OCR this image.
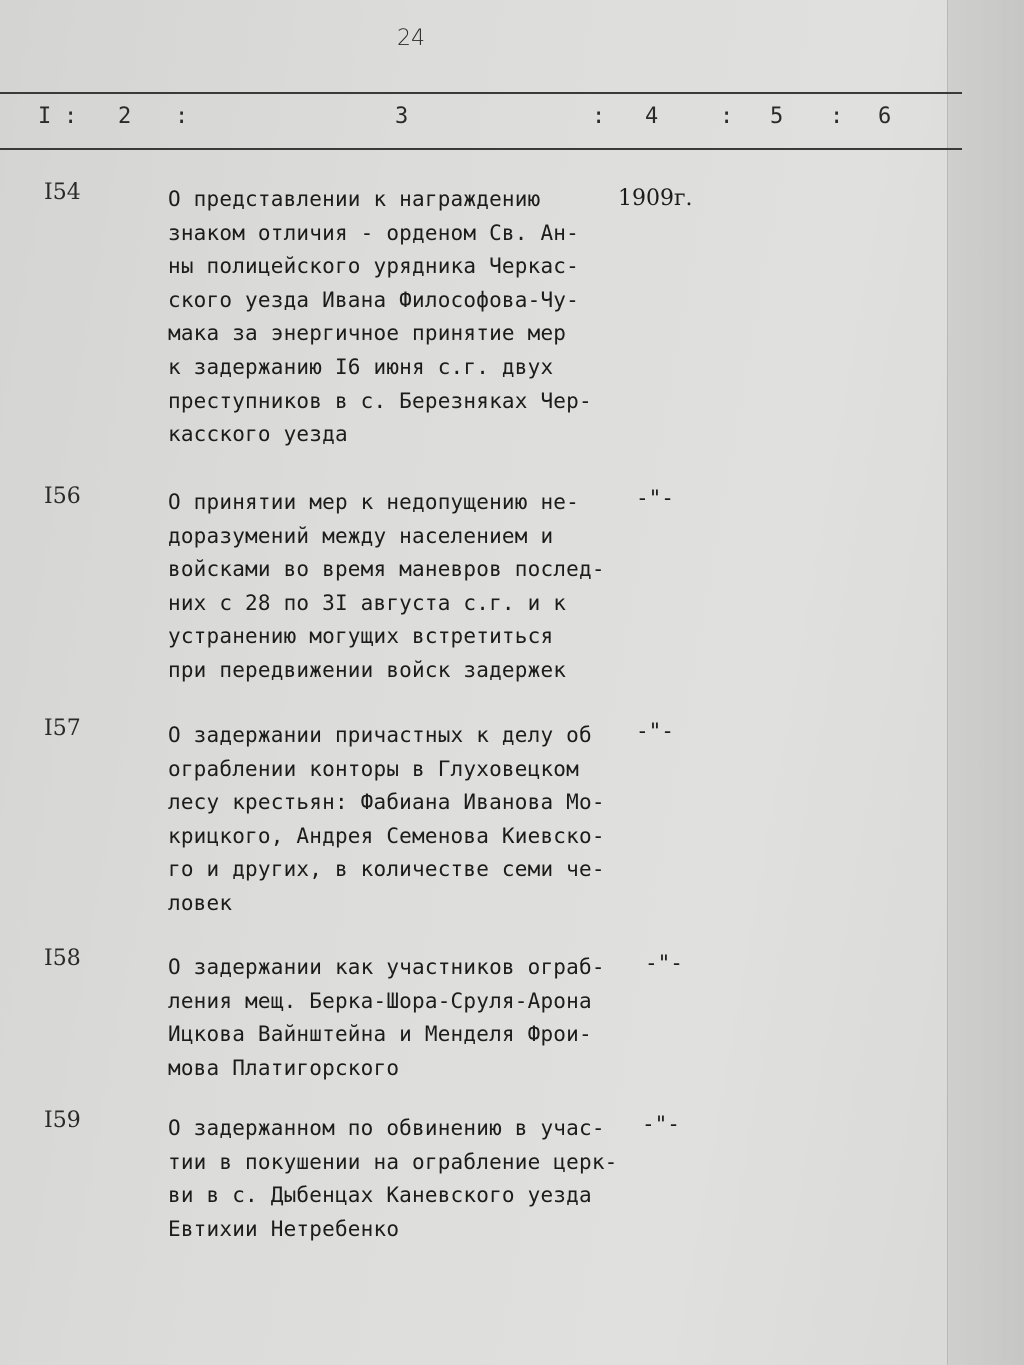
24
I : 2 :	3	: 4	: 5 : 6
I54	О представлении к награждению
знаком отличия - орденом Св. Ан-
ны полицейского урядника Черкас-
ского уезда Ивана Философова-Чу-
мака за энергичное принятие мер
к задержанию I6 июня с.г. двух
преступников в с. Березняках Чер-
касского уезда
1909г.
I56	О принятии мер к недопущению не-
доразумений между населением и
войсками во время маневров послед-
них с 28 по 3I августа с.г. и к
устранению могущих встретиться
при передвижении войск задержек
-"-
I57	О задержании причастных к делу об
ограблении конторы в Глуховецком
лесу крестьян: Фабиана Иванова Мо-
крицкого, Андрея Семенова Киевско-
го и других, в количестве семи че-
ловек
-"-
I58	О задержании как участников ограб-
ления мещ. Берка-Шора-Сруля-Арона
Ицкова Вайнштейна и Менделя Фрои-
мова Платигорского
-"-
I59	О задержанном по обвинению в учас-
тии в покушении на ограбление церк-
ви в с. Дыбенцах Каневского уезда
Евтихии Нетребенко
-"-
